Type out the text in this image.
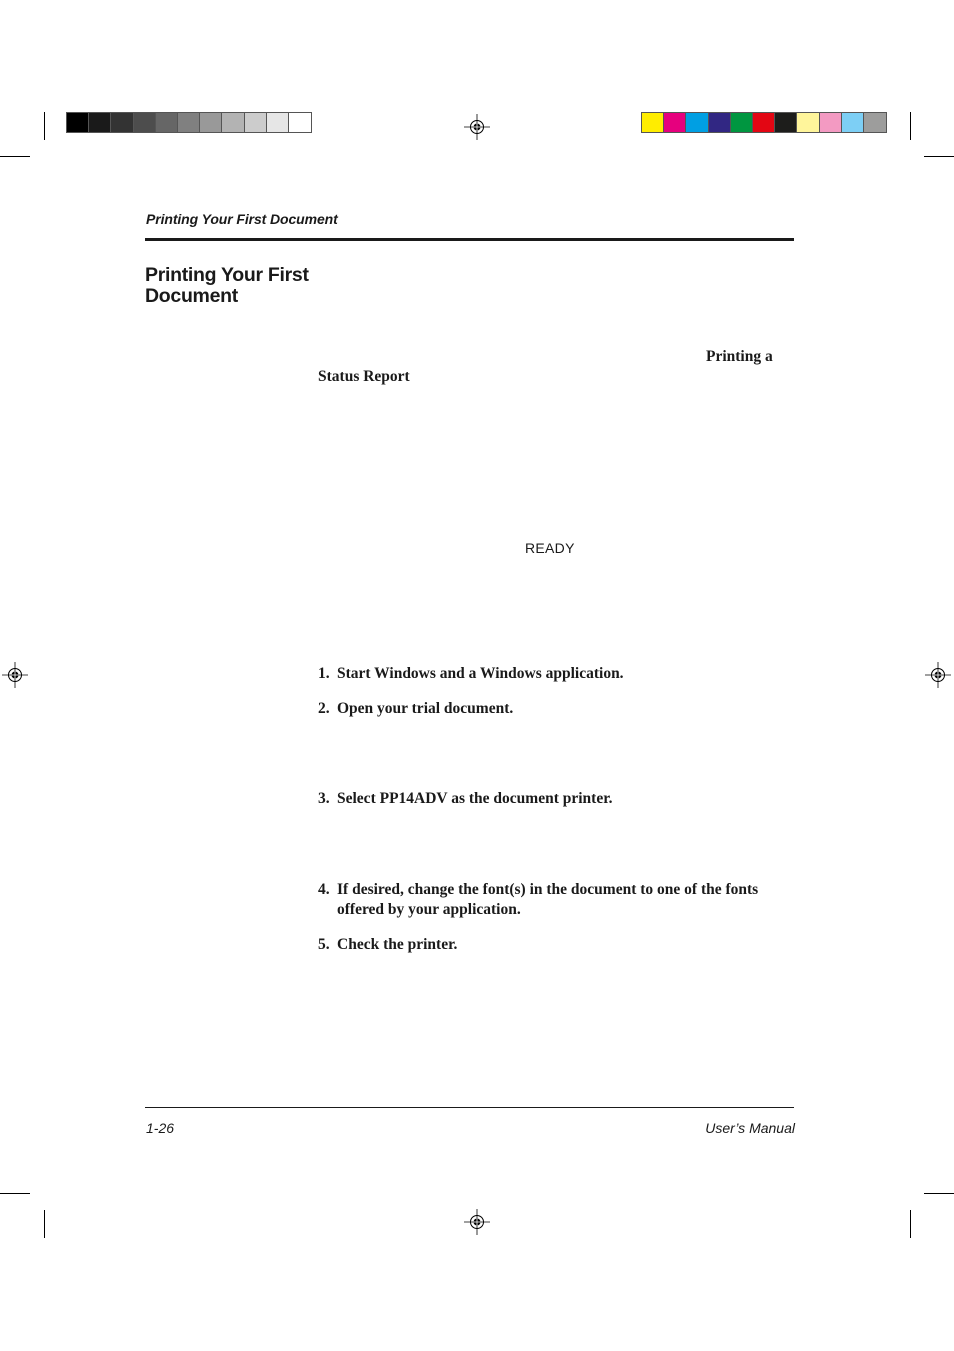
Printing Your First Document
Printing Your First
Document
Printing a
Status Report
READY
1. Start Windows and a Windows application.
2. Open your trial document.
3. Select PP14ADV as the document printer.
4. If desired, change the font(s) in the document to one of the fonts offered by your application.
5. Check the printer.
1-26	User’s Manual
